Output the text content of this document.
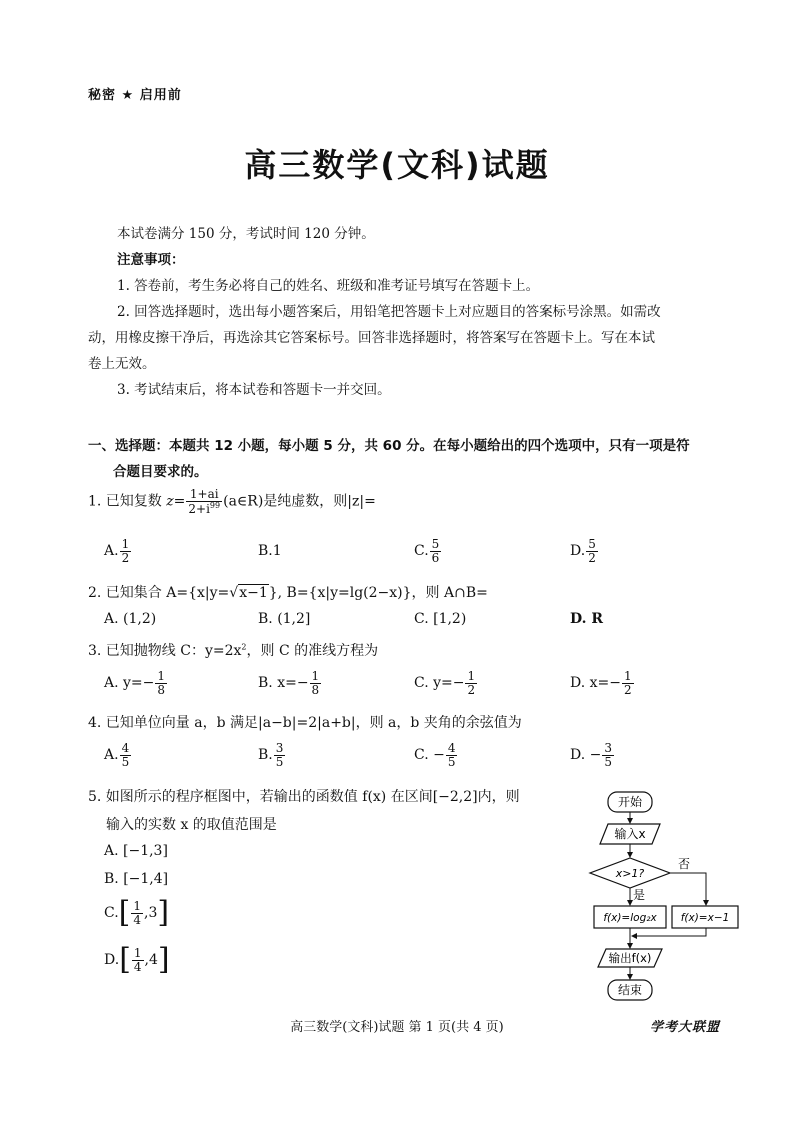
秘密 ★ 启用前
高三数学(文科)试题
本试卷满分 150 分，考试时间 120 分钟。
注意事项：
1. 答卷前，考生务必将自己的姓名、班级和准考证号填写在答题卡上。
2. 回答选择题时，选出每小题答案后，用铅笔把答题卡上对应题目的答案标号涂黑。如需改
动，用橡皮擦干净后，再选涂其它答案标号。回答非选择题时，将答案写在答题卡上。写在本试
卷上无效。
3. 考试结束后，将本试卷和答题卡一并交回。
一、选择题：本题共 12 小题，每小题 5 分，共 60 分。在每小题给出的四个选项中，只有一项是符
合题目要求的。
1. 已知复数 $z= \frac{1+ai}{2+i^{99}}$ (a∈R)是纯虚数，则|z|=
A. $\frac{1}{2}$	B.1	C. $\frac{5}{6}$	D. $\frac{5}{2}$
2. 已知集合 A={x|y=√x−1}, B={x|y=lg(2−x)}，则 A∩B=
A. (1,2)	B. (1,2]	C. [1,2)	D. R
3. 已知抛物线 C：$y=2x^2$，则 C 的准线方程为
A. $y=- \frac{1}{8}$	B. $x=- \frac{1}{8}$	C. $y=- \frac{1}{2}$	D. $x=- \frac{1}{2}$
4. 已知单位向量 a，b 满足|a−b|=2|a+b|，则 a，b 夹角的余弦值为
A. $\frac{4}{5}$	B. $\frac{3}{5}$	C. − $\frac{4}{5}$	D. − $\frac{3}{5}$
5. 如图所示的程序框图中，若输出的函数值 f(x) 在区间[−2,2]内，则
输入的实数 x 的取值范围是
A. [−1,3]
B. [−1,4]
$C.[ \frac{1}{4} ,3]$
$D.[ \frac{1}{4} ,4]$
开始
输入x
x>1?
否
是
f(x)=log₂x f(x)=x−1
输出f(x)
结束
高三数学(文科)试题 第 1 页(共 4 页)	学考大联盟
